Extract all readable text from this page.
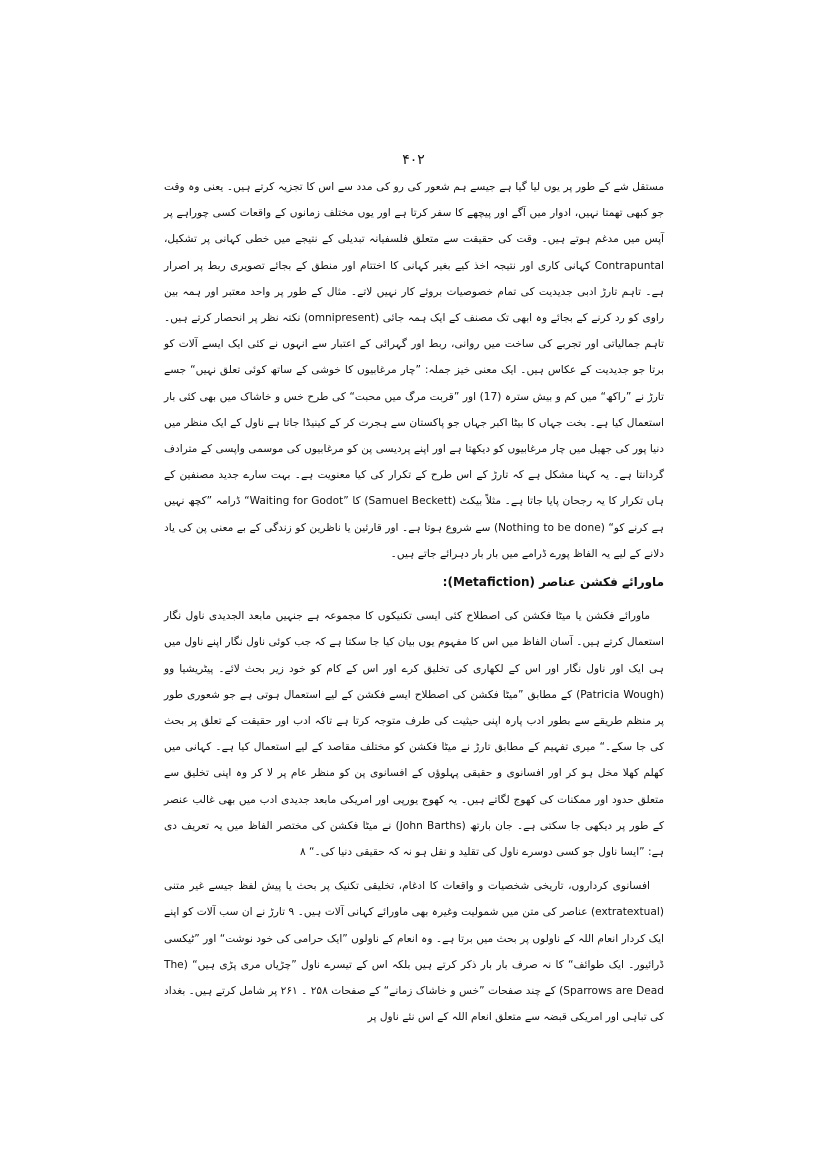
۴۰۲

مستقل شے کے طور پر یوں لیا گیا ہے جیسے ہم شعور کی رو کی مدد سے اس کا تجزیہ کرتے ہیں۔ یعنی وہ وقت جو کبھی تھمتا نہیں، ادوار میں آگے اور پیچھے کا سفر کرتا ہے اور یوں مختلف زمانوں کے واقعات کسی چوراہے پر آپس میں مدغم ہوتے ہیں۔ وقت کی حقیقت سے متعلق فلسفیانہ تبدیلی کے نتیجے میں خطی کہانی پر تشکیل، Contrapuntal کہانی کاری اور نتیجہ اخذ کیے بغیر کہانی کا اختتام اور منطق کے بجائے تصویری ربط پر اصرار ہے۔ تاہم تارڑ ادبی جدیدیت کی تمام خصوصیات بروئے کار نہیں لاتے۔ مثال کے طور پر واحد معتبر اور ہمہ بین راوی کو رد کرنے کے بجائے وہ ابھی تک مصنف کے ایک ہمہ جائی (omnipresent) نکتہ نظر پر انحصار کرتے ہیں۔ تاہم جمالیاتی اور تجربے کی ساخت میں روانی، ربط اور گہرائی کے اعتبار سے انہوں نے کئی ایک ایسے آلات کو برتا جو جدیدیت کے عکاس ہیں۔ ایک معنی خیز جملہ: ”چار مرغابیوں کا خوشی کے ساتھ کوئی تعلق نہیں“ جسے تارڑ نے ”راکھ“ میں کم و بیش سترہ (17) اور ”قربت مرگ میں محبت“ کی طرح خس و خاشاک میں بھی کئی بار استعمال کیا ہے۔ بخت جہاں کا بیٹا اکبر جہاں جو پاکستان سے ہجرت کر کے کینیڈا جاتا ہے ناول کے ایک منظر میں دنیا پور کی جھیل میں چار مرغابیوں کو دیکھتا ہے اور اپنے پردیسی پن کو مرغابیوں کی موسمی واپسی کے مترادف گردانتا ہے۔ یہ کہنا مشکل ہے کہ تارڑ کے اس طرح کے تکرار کی کیا معنویت ہے۔ بہت سارے جدید مصنفین کے ہاں تکرار کا یہ رجحان پایا جاتا ہے۔ مثلاً بیکٹ (Samuel Beckett) کا ”Waiting for Godot“ ڈرامہ ”کچھ نہیں ہے کرنے کو“ (Nothing to be done) سے شروع ہوتا ہے۔ اور قارئین یا ناظرین کو زندگی کے بے معنی پن کی یاد دلانے کے لیے یہ الفاظ پورے ڈرامے میں بار بار دہرائے جاتے ہیں۔

ماورائے فکشن عناصر (Metafiction):

ماورائے فکشن یا میٹا فکشن کی اصطلاح کئی ایسی تکنیکوں کا مجموعہ ہے جنہیں مابعد الجدیدی ناول نگار استعمال کرتے ہیں۔ آسان الفاظ میں اس کا مفہوم یوں بیان کیا جا سکتا ہے کہ جب کوئی ناول نگار اپنے ناول میں ہی ایک اور ناول نگار اور اس کے لکھاری کی تخلیق کرے اور اس کے کام کو خود زیر بحث لائے۔ پیٹریشیا وو (Patricia Wough) کے مطابق ”میٹا فکشن کی اصطلاح ایسے فکشن کے لیے استعمال ہوتی ہے جو شعوری طور پر منظم طریقے سے بطور ادب پارہ اپنی حیثیت کی طرف متوجہ کرتا ہے تاکہ ادب اور حقیقت کے تعلق پر بحث کی جا سکے۔“ میری تفہیم کے مطابق تارڑ نے میٹا فکشن کو مختلف مقاصد کے لیے استعمال کیا ہے۔ کہانی میں کھلم کھلا مخل ہو کر اور افسانوی و حقیقی پہلوؤں کے افسانوی پن کو منظر عام پر لا کر وہ اپنی تخلیق سے متعلق حدود اور ممکنات کی کھوج لگاتے ہیں۔ یہ کھوج یورپی اور امریکی مابعد جدیدی ادب میں بھی غالب عنصر کے طور پر دیکھی جا سکتی ہے۔ جان بارتھ (John Barths) نے میٹا فکشن کی مختصر الفاظ میں یہ تعریف دی ہے: ”ایسا ناول جو کسی دوسرے ناول کی تقلید و نقل ہو نہ کہ حقیقی دنیا کی۔“ ۸

افسانوی کرداروں، تاریخی شخصیات و واقعات کا ادغام، تخلیقی تکنیک پر بحث یا پیش لفظ جیسے غیر متنی (extratextual) عناصر کی متن میں شمولیت وغیرہ بھی ماورائے کہانی آلات ہیں۔ ۹ تارڑ نے ان سب آلات کو اپنے ایک کردار انعام اللہ کے ناولوں پر بحث میں برتا ہے۔ وہ انعام کے ناولوں ”ایک حرامی کی خود نوشت“ اور ”ٹیکسی ڈرائیور۔ ایک طوائف“ کا نہ صرف بار بار ذکر کرتے ہیں بلکہ اس کے تیسرے ناول ”چڑیاں مری پڑی ہیں“ (The Sparrows are Dead) کے چند صفحات ”خس و خاشاک زمانے“ کے صفحات ۲۵۸ ۔ ۲۶۱ پر شامل کرتے ہیں۔ بغداد کی تباہی اور امریکی قبضہ سے متعلق انعام اللہ کے اس نئے ناول پر
